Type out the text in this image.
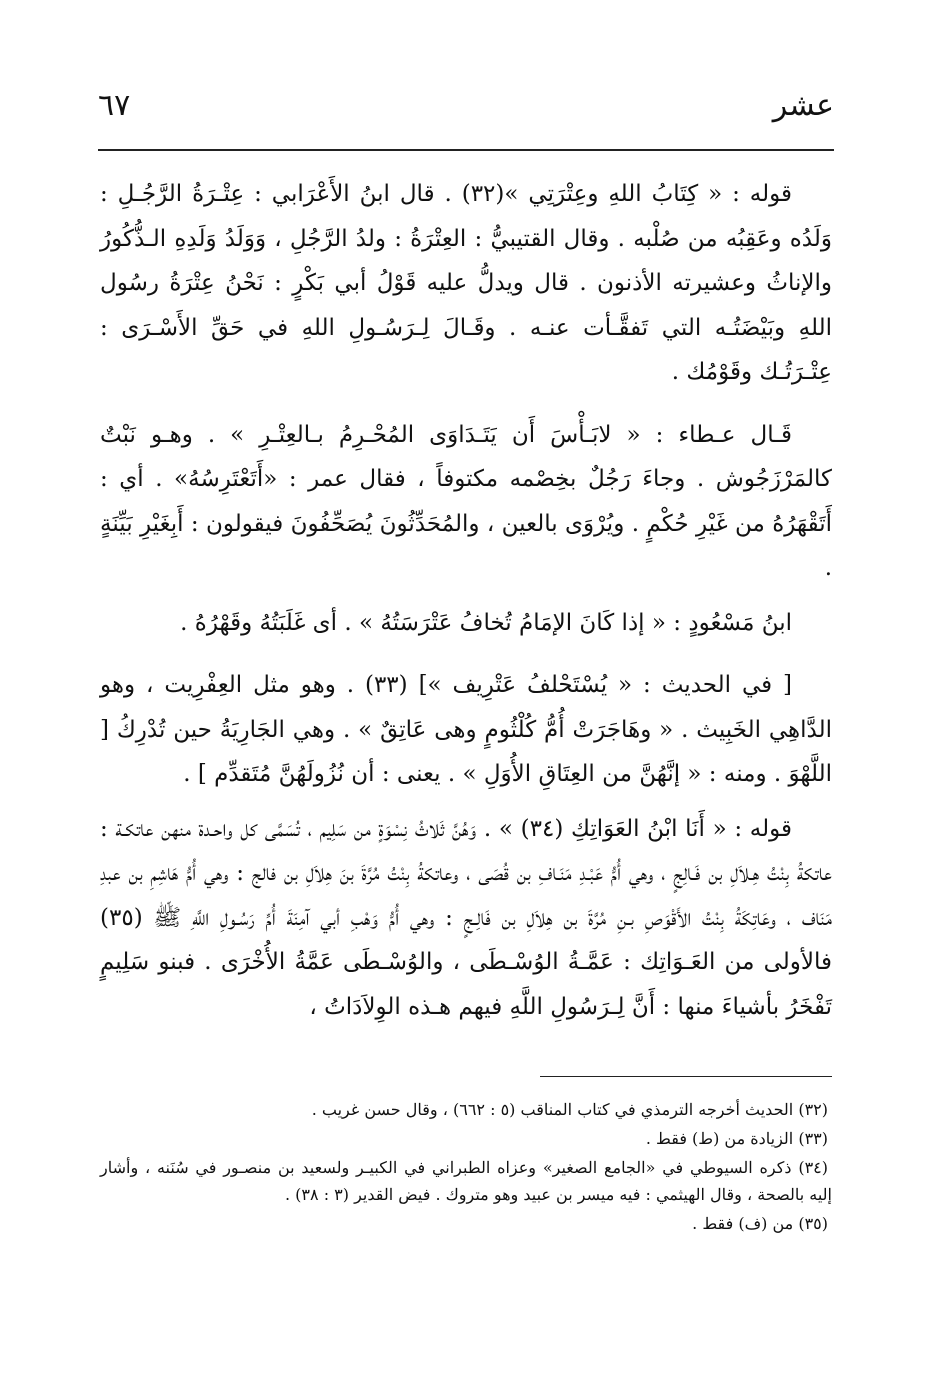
عشر
٦٧

قوله : « كِتَابُ اللهِ وعِتْرَتِي »(٣٢) . قال ابنُ الأَعْرَابي : عِتْـرَةُ الرَّجُـلِ : وَلَدُه وعَقِبُه من صُلْبه . وقال القتيبيُّ : العِتْرَةُ : ولدُ الرَّجُلِ ، وَوَلَدُ وَلَدِهِ الـذُّكُورُ والإناثُ وعشيرته الأذنون . قال ويدلُّ عليه قَوْلُ أبي بَكْرٍ : نَحْنُ عِتْرَةُ رسُول اللهِ وبَيْضَتُـه التي تَفقَّـأت عنـه . وقَـالَ لِـرَسُـولِ اللهِ في حَقِّ الأَسْـرَى : عِتْـرَتُـك وقَوْمُك .

قَـال عـطاء : « لابَـأْسَ أَن يَتَـدَاوَى المُحْـرِمُ بـالعِتْـرِ » . وهـو نَبْتٌ كالمَرْزَجُوش . وجاءَ رَجُلٌ بخِصْمه مكتوفاً ، فقال عمر : «أَتَعْتَرِسُهُ» . أي : أَتَقْهَرُهُ من غَيْرِ حُكْمٍ . ويُرْوَى بالعين ، والمُحَدِّثُونَ يُصَحِّفُونَ فيقولون : أَبِغَيْرِ بَيِّنَةٍ .

ابنُ مَسْعُودٍ : « إذا كَانَ الإمَامُ تُخافُ عَتْرَسَتُهُ » . أى غَلَبَتُهُ وقَهْرُهُ .

[ في الحديث : « يُسْتَحْلفُ عَتْرِيف »] (٣٣) . وهو مثل العِفْرِيت ، وهو الدَّاهِي الخَبِيث . « وهَاجَرَتْ أُمُّ كُلْثُومٍ وهى عَاتِقٌ » . وهي الجَارِيَةُ حين تُدْرِكُ [ اللَّهْوَ . ومنه : « إنَّهُنَّ من العِتَاقِ الأُوَلِ » . يعنى : أن نُزُولَهُنَّ مُتَقدِّم ] .

قوله : « أَنَا ابْنُ العَوَاتِكِ (٣٤) » . وَهُنَّ ثَلاثُ نِسْوَةٍ من سَلِيم ، تُسَمَّى كل واحـدة منهن عاتكـة : عاتكةُ بِنْتُ هِـلاَلِ بن فَـالِجٍ ، وهي أُمُّ عَبْـدِ مَنَـافِ بن قُصَى ، وعاتكةُ بِنْتُ مُرَّةَ بنَ هِلاَلِ بن فالج : وهي أُمُّ هَاشِمِ بن عبدِ مَنَاف ، وعَاتِكَةُ بِنْتُ الأَقْوَصِ بـنِ مُرَّةَ بن هِلاَلِ بن فَالِـجٍ : وهي أُمُّ وَهْبِ أبي آمِنَةَ أُمِّ رَسُـولِ اللَّهِ ﷺ (٣٥) فالأولى من العَـوَاتِك : عَمَّـةُ الوُسْـطَى ، والوُسْـطَى عَمَّةُ الأُخْرَى . فبنو سَلِيمٍ تَفْخَرُ بأشياءَ منها : أَنَّ لِـرَسُولِ اللَّهِ فيهم هـذه الوِلاَدَاتُ ،

(٣٢) الحديث أخرجه الترمذي في كتاب المناقب (٥ : ٦٦٢) ، وقال حسن غريب .

(٣٣) الزيادة من (ط) فقط .

(٣٤) ذكره السيوطي في «الجامع الصغير» وعزاه الطبراني في الكبيـر ولسعيد بن منصـور في سُنَنه ، وأشار إليه بالصحة ، وقال الهيثمي : فيه ميسر بن عبيد وهو متروك . فيض القدير (٣ : ٣٨) .

(٣٥) من (ف) فقط .
